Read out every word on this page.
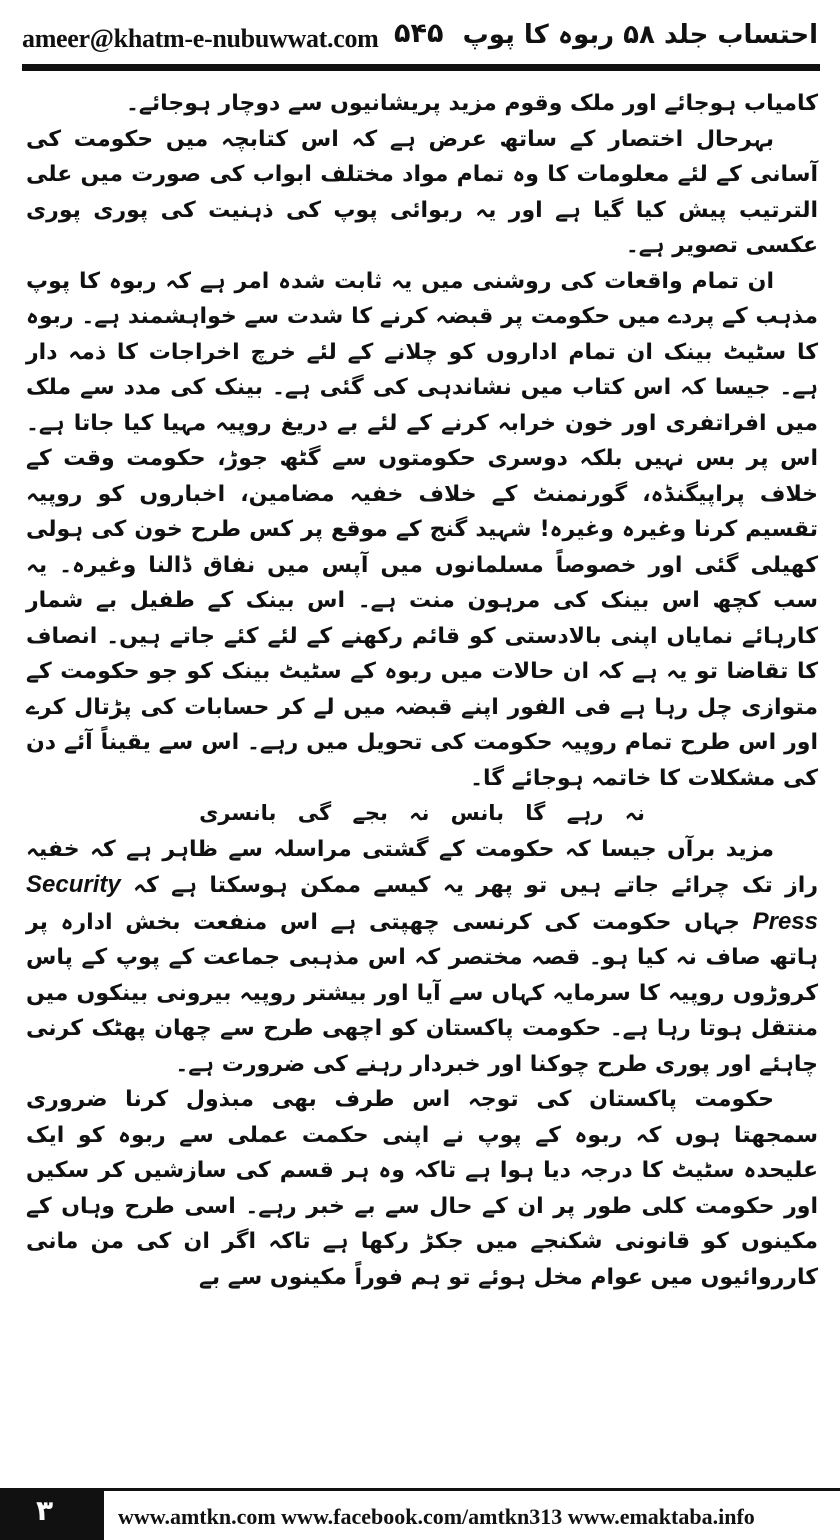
ameer@khatm-e-nubuwwat.com ۵۴۵ احتساب جلد ۵۸ ربوہ کا پوپ

کامیاب ہوجائے اور ملک وقوم مزید پریشانیوں سے دوچار ہوجائے۔

بہرحال اختصار کے ساتھ عرض ہے کہ اس کتابچہ میں حکومت کی آسانی کے لئے معلومات کا وہ تمام مواد مختلف ابواب کی صورت میں علی الترتیب پیش کیا گیا ہے اور یہ ربوائی پوپ کی ذہنیت کی پوری پوری عکسی تصویر ہے۔

ان تمام واقعات کی روشنی میں یہ ثابت شدہ امر ہے کہ ربوہ کا پوپ مذہب کے پردے میں حکومت پر قبضہ کرنے کا شدت سے خواہشمند ہے۔ ربوہ کا سٹیٹ بینک ان تمام اداروں کو چلانے کے لئے خرچ اخراجات کا ذمہ دار ہے۔ جیسا کہ اس کتاب میں نشاندہی کی گئی ہے۔ بینک کی مدد سے ملک میں افراتفری اور خون خرابہ کرنے کے لئے بے دریغ روپیہ مہیا کیا جاتا ہے۔ اس پر بس نہیں بلکہ دوسری حکومتوں سے گٹھ جوڑ، حکومت وقت کے خلاف پراپیگنڈہ، گورنمنٹ کے خلاف خفیہ مضامین، اخباروں کو روپیہ تقسیم کرنا وغیرہ وغیرہ! شہید گنج کے موقع پر کس طرح خون کی ہولی کھیلی گئی اور خصوصاً مسلمانوں میں آپس میں نفاق ڈالنا وغیرہ۔ یہ سب کچھ اس بینک کی مرہون منت ہے۔ اس بینک کے طفیل بے شمار کارہائے نمایاں اپنی بالادستی کو قائم رکھنے کے لئے کئے جاتے ہیں۔ انصاف کا تقاضا تو یہ ہے کہ ان حالات میں ربوہ کے سٹیٹ بینک کو جو حکومت کے متوازی چل رہا ہے فی الفور اپنے قبضہ میں لے کر حسابات کی پڑتال کرے اور اس طرح تمام روپیہ حکومت کی تحویل میں رہے۔ اس سے یقیناً آئے دن کی مشکلات کا خاتمہ ہوجائے گا۔

نہ رہے گا بانس نہ بجے گی بانسری

مزید برآں جیسا کہ حکومت کے گشتی مراسلہ سے ظاہر ہے کہ خفیہ راز تک چرائے جاتے ہیں تو پھر یہ کیسے ممکن ہوسکتا ہے کہ Security Press جہاں حکومت کی کرنسی چھپتی ہے اس منفعت بخش ادارہ پر ہاتھ صاف نہ کیا ہو۔ قصہ مختصر کہ اس مذہبی جماعت کے پوپ کے پاس کروڑوں روپیہ کا سرمایہ کہاں سے آیا اور بیشتر روپیہ بیرونی بینکوں میں منتقل ہوتا رہا ہے۔ حکومت پاکستان کو اچھی طرح سے چھان پھٹک کرنی چاہئے اور پوری طرح چوکنا اور خبردار رہنے کی ضرورت ہے۔

حکومت پاکستان کی توجہ اس طرف بھی مبذول کرنا ضروری سمجھتا ہوں کہ ربوہ کے پوپ نے اپنی حکمت عملی سے ربوہ کو ایک علیحدہ سٹیٹ کا درجہ دیا ہوا ہے تاکہ وہ ہر قسم کی سازشیں کر سکیں اور حکومت کلی طور پر ان کے حال سے بے خبر رہے۔ اسی طرح وہاں کے مکینوں کو قانونی شکنجے میں جکڑ رکھا ہے تاکہ اگر ان کی من مانی کارروائیوں میں عوام مخل ہوئے تو ہم فوراً مکینوں سے بے

۳	www.amtkn.com www.facebook.com/amtkn313 www.emaktaba.info
